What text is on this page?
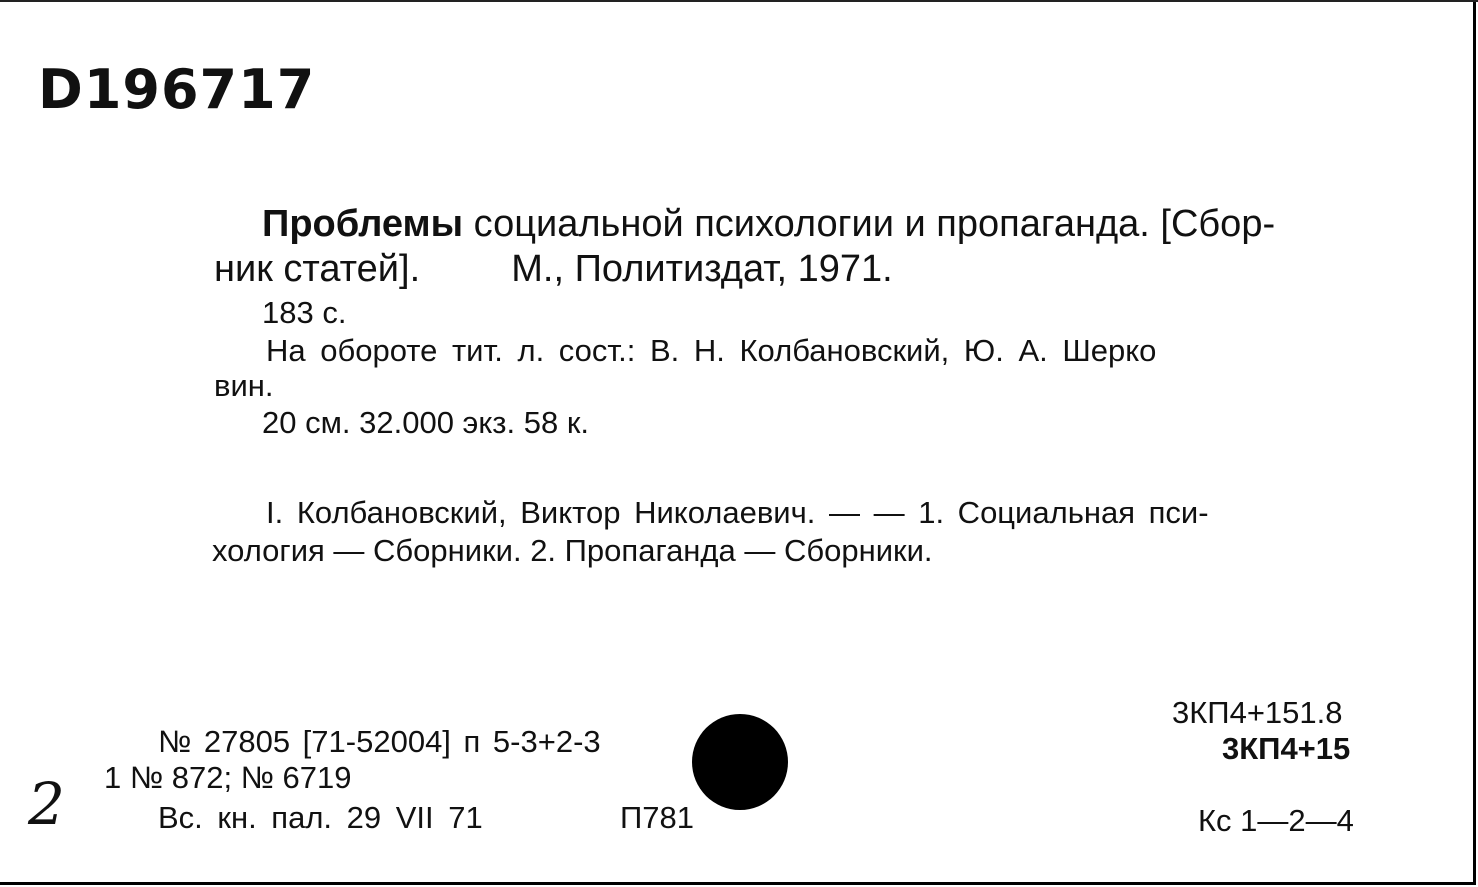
D196717
Проблемы социальной психологии и пропаганда. [Сбор-
ник статей]. М., Политиздат, 1971.
183 с.
На обороте тит. л. сост.: В. Н. Колбановский, Ю. А. Шерко
вин.
20 см. 32.000 экз. 58 к.
I. Колбановский, Виктор Николаевич. — — 1. Социальная пси-
хология — Сборники. 2. Пропаганда — Сборники.
№ 27805 [71-52004] п 5-3+2-3
1 № 872; № 6719
Вс. кн. пал. 29 VII 71	П781
3КП4+151.8
3КП4+15
Кс 1—2—4
2
